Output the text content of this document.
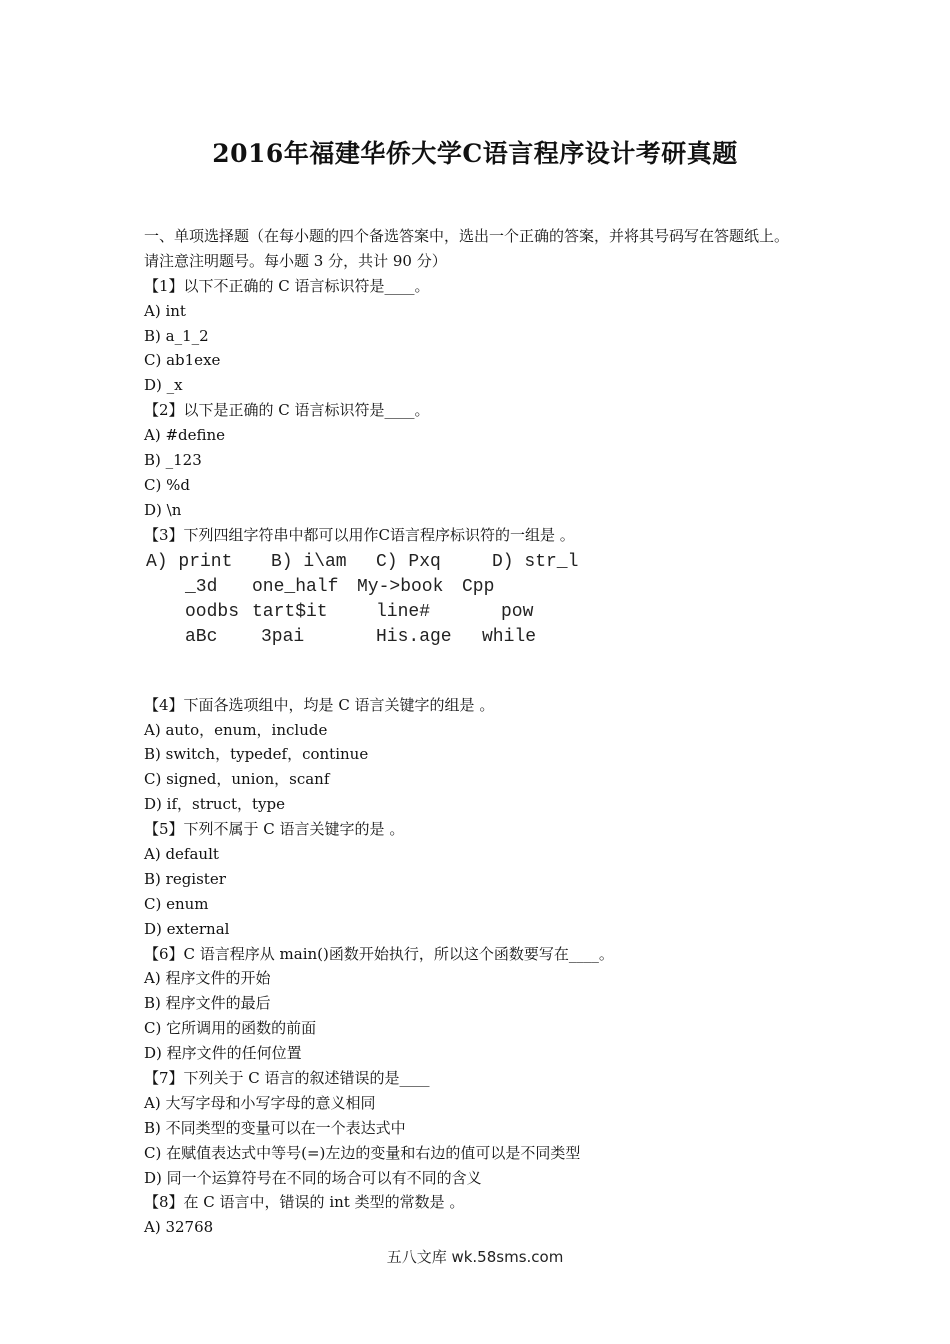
2016年福建华侨大学C语言程序设计考研真题
一、单项选择题（在每小题的四个备选答案中，选出一个正确的答案，并将其号码写在答题纸上。请注意注明题号。每小题 3 分，共计 90 分）
【1】以下不正确的 C 语言标识符是____。
A) int
B) a_1_2
C) ab1exe
D) _x
【2】以下是正确的 C 语言标识符是____。
A) #define
B) _123
C) %d
D) \n
【3】下列四组字符串中都可以用作C语言程序标识符的一组是 。
A) print B) i\am C) Pxq	D) str_l
_3d one_half My->book Cpp
oodbs tart$it	line#	pow
aBc 3pai	His.age while
【4】下面各选项组中，均是 C 语言关键字的组是 。
A) auto，enum，include
B) switch，typedef，continue
C) signed，union，scanf
D) if，struct，type
【5】下列不属于 C 语言关键字的是 。
A) default
B) register
C) enum
D) external
【6】C 语言程序从 main()函数开始执行，所以这个函数要写在____。
A) 程序文件的开始
B) 程序文件的最后
C) 它所调用的函数的前面
D) 程序文件的任何位置
【7】下列关于 C 语言的叙述错误的是____
A) 大写字母和小写字母的意义相同
B) 不同类型的变量可以在一个表达式中
C) 在赋值表达式中等号(=)左边的变量和右边的值可以是不同类型
D) 同一个运算符号在不同的场合可以有不同的含义
【8】在 C 语言中，错误的 int 类型的常数是 。
A) 32768
五八文库 wk.58sms.com
